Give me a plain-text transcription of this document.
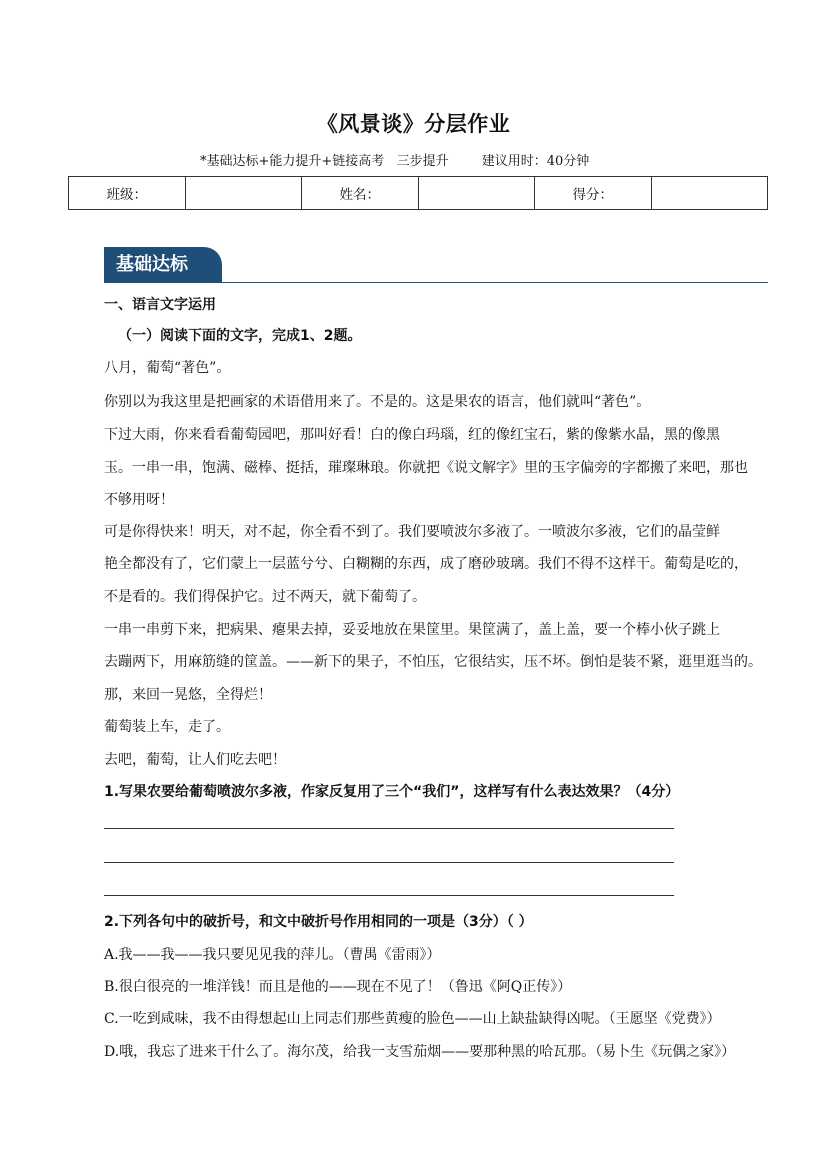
《风景谈》分层作业
*基础达标+能力提升+链接高考   三步提升        建议用时：40分钟
班级：		姓名：		得分：	
基础达标
一、语言文字运用
（一）阅读下面的文字，完成1、2题。
八月，葡萄“著色”。
你别以为我这里是把画家的术语借用来了。不是的。这是果农的语言，他们就叫“著色”。
下过大雨，你来看看葡萄园吧，那叫好看！白的像白玛瑙，红的像红宝石，紫的像紫水晶，黑的像黑
玉。一串一串，饱满、磁棒、挺括，璀璨琳琅。你就把《说文解字》里的玉字偏旁的字都搬了来吧，那也
不够用呀！
可是你得快来！明天，对不起，你全看不到了。我们要喷波尔多液了。一喷波尔多液，它们的晶莹鲜
艳全都没有了，它们蒙上一层蓝兮兮、白糊糊的东西，成了磨砂玻璃。我们不得不这样干。葡萄是吃的，
不是看的。我们得保护它。过不两天，就下葡萄了。
一串一串剪下来，把病果、瘪果去掉，妥妥地放在果筐里。果筐满了，盖上盖，要一个棒小伙子跳上
去蹦两下，用麻筋缝的筐盖。——新下的果子，不怕压，它很结实，压不坏。倒怕是装不紧，逛里逛当的。
那，来回一晃悠，全得烂！
葡萄装上车，走了。
去吧，葡萄，让人们吃去吧！
1.写果农要给葡萄喷波尔多液，作家反复用了三个“我们”，这样写有什么表达效果？（4分）
2.下列各句中的破折号，和文中破折号作用相同的一项是（3分）（ ）
A.我——我——我只要见见我的萍儿。（曹禺《雷雨》）
B.很白很亮的一堆洋钱！而且是他的——现在不见了！（鲁迅《阿Q正传》）
C.一吃到咸味，我不由得想起山上同志们那些黄瘦的脸色——山上缺盐缺得凶呢。（王愿坚《党费》）
D.哦，我忘了进来干什么了。海尔茂，给我一支雪茄烟——要那种黑的哈瓦那。（易卜生《玩偶之家》）
